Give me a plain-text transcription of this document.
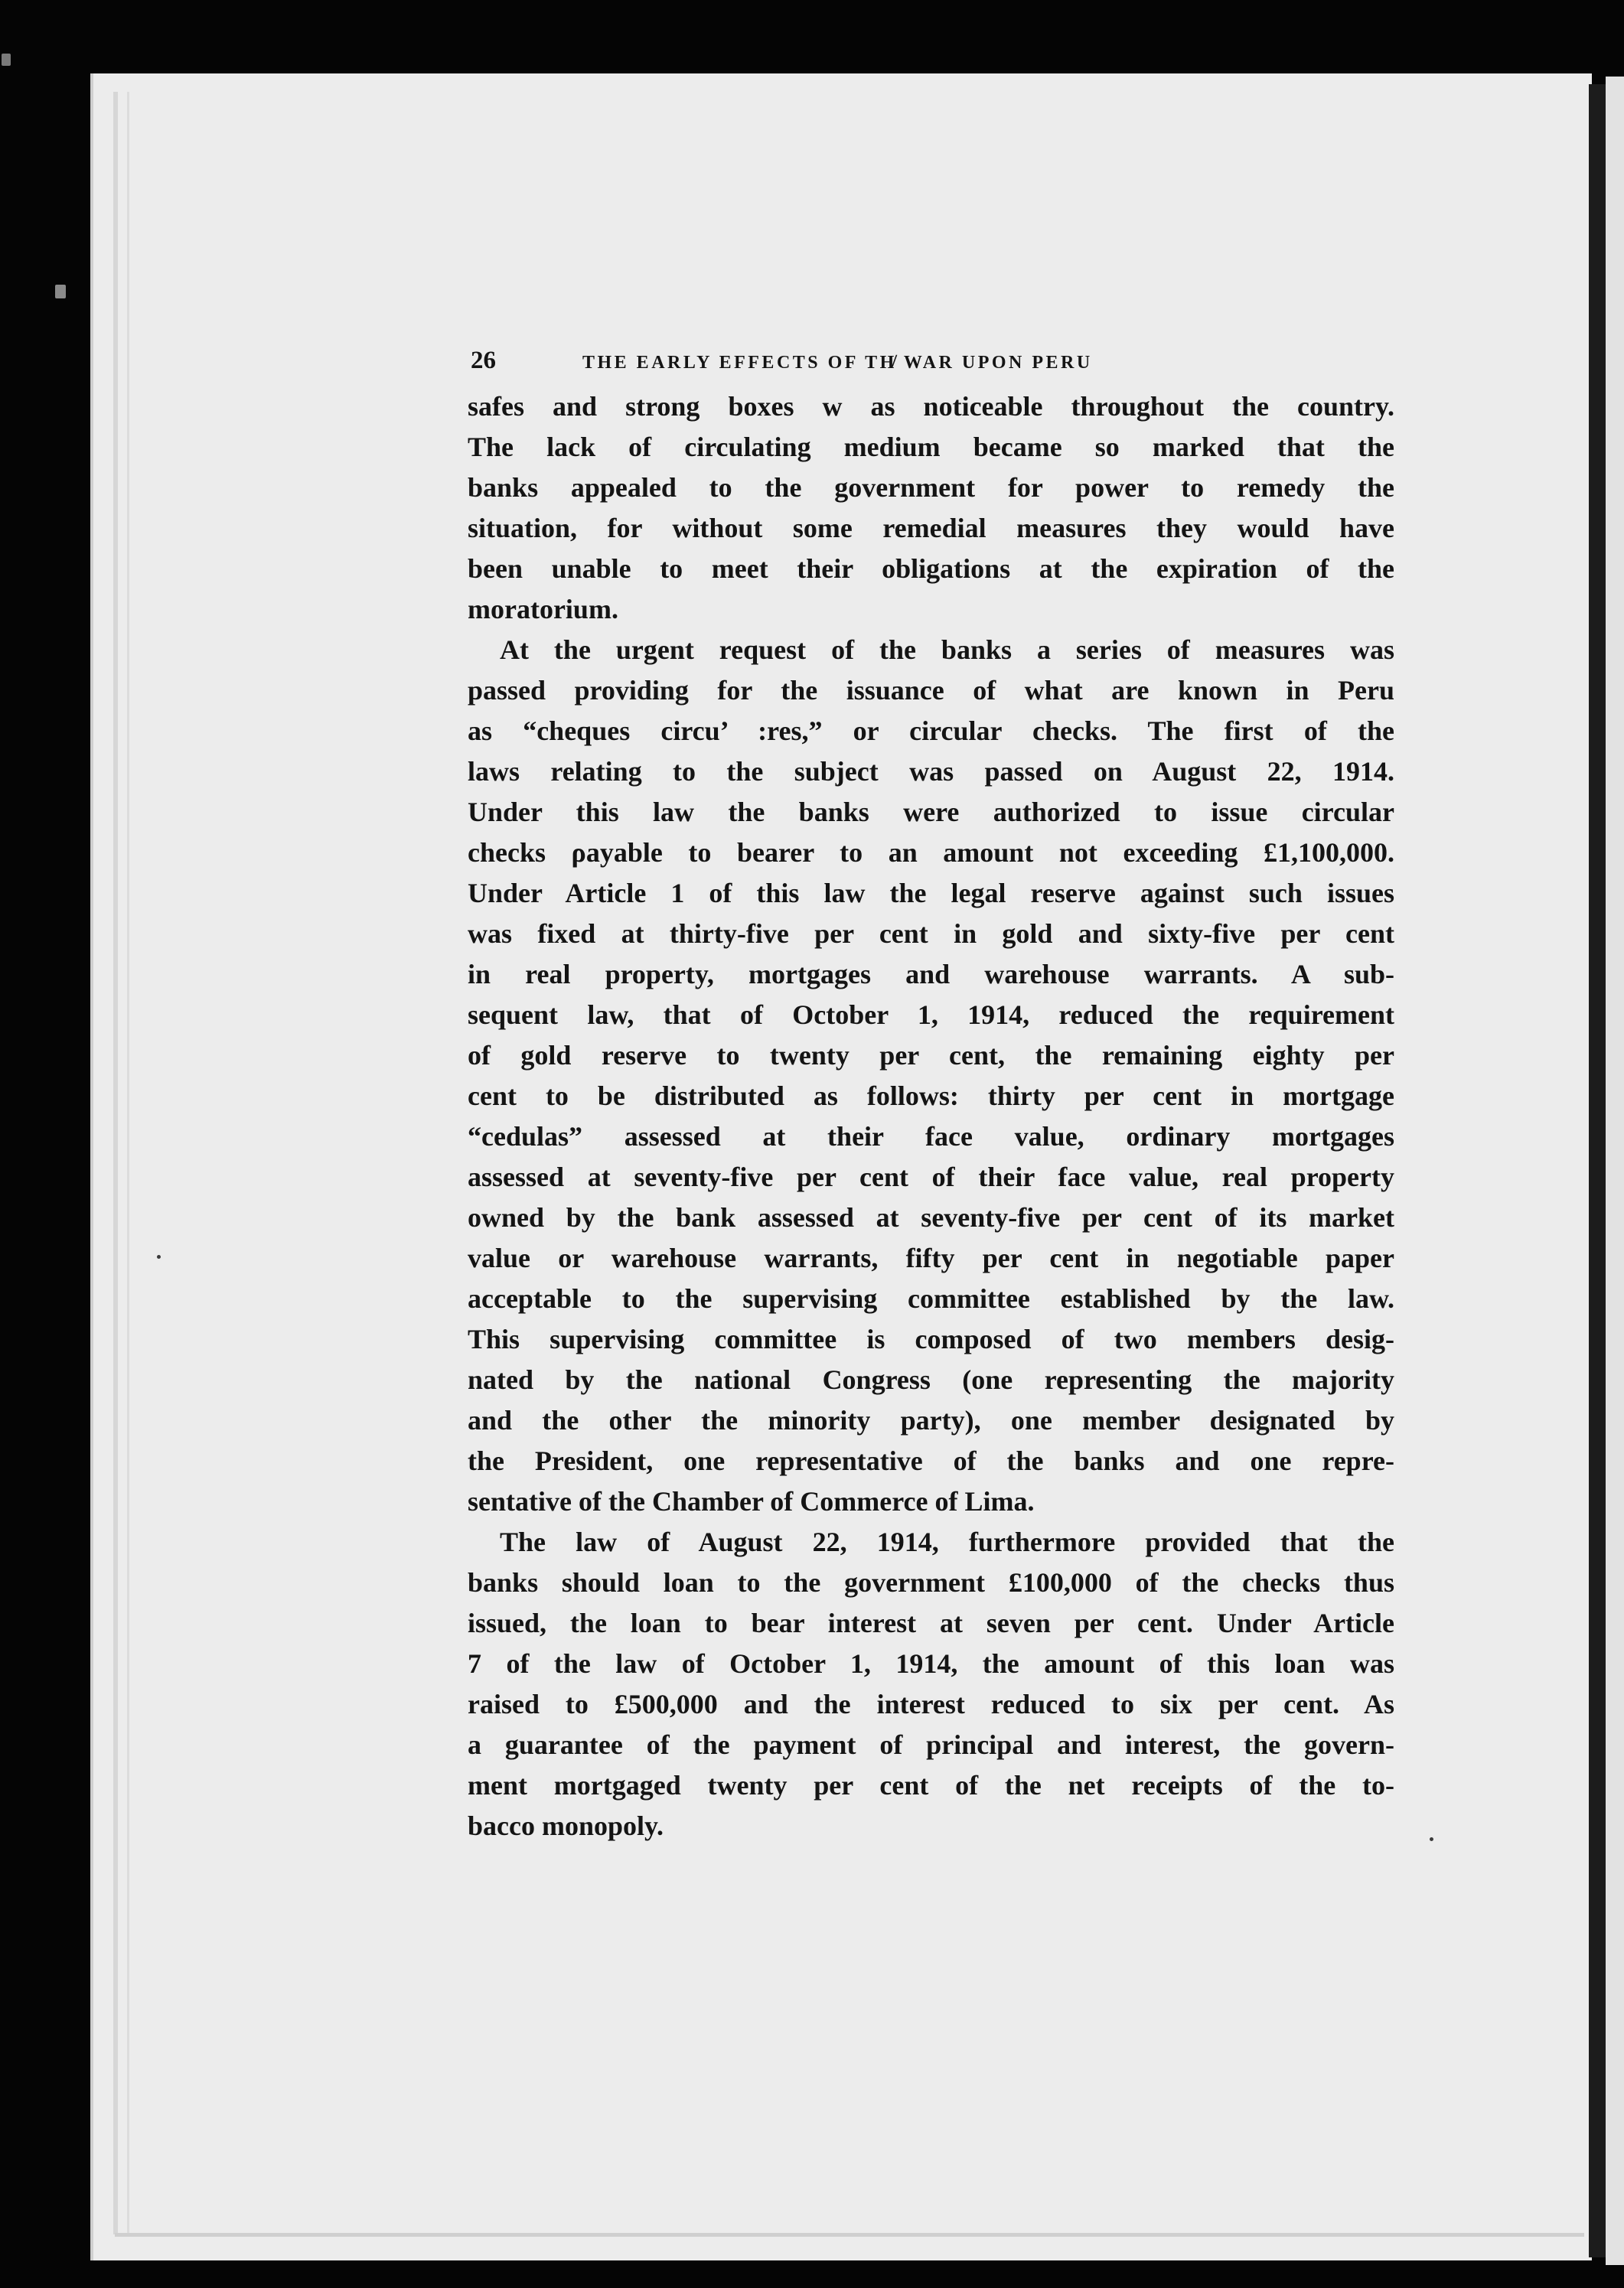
26	THE EARLY EFFECTS OF TH̸ WAR UPON PERU
safes and strong boxes w as noticeable throughout the country.
The lack of circulating medium became so marked that the
banks appealed to the government for power to remedy the
situation, for without some remedial measures they would have
been unable to meet their obligations at the expiration of the
moratorium.
At the urgent request of the banks a series of measures was
passed providing for the issuance of what are known in Peru
as “cheques circu’ :res,” or circular checks. The first of the
laws relating to the subject was passed on August 22, 1914.
Under this law the banks were authorized to issue circular
checks ρayable to bearer to an amount not exceeding £1,100,000.
Under Article 1 of this law the legal reserve against such issues
was fixed at thirty-five per cent in gold and sixty-five per cent
in real property, mortgages and warehouse warrants. A sub-
sequent law, that of October 1, 1914, reduced the requirement
of gold reserve to twenty per cent, the remaining eighty per
cent to be distributed as follows: thirty per cent in mortgage
“cedulas” assessed at their face value, ordinary mortgages
assessed at seventy-five per cent of their face value, real property
owned by the bank assessed at seventy-five per cent of its market
value or warehouse warrants, fifty per cent in negotiable paper
acceptable to the supervising committee established by the law.
This supervising committee is composed of two members desig-
nated by the national Congress (one representing the majority
and the other the minority party), one member designated by
the President, one representative of the banks and one repre-
sentative of the Chamber of Commerce of Lima.
The law of August 22, 1914, furthermore provided that the
banks should loan to the government £100,000 of the checks thus
issued, the loan to bear interest at seven per cent. Under Article
7 of the law of October 1, 1914, the amount of this loan was
raised to £500,000 and the interest reduced to six per cent. As
a guarantee of the payment of principal and interest, the govern-
ment mortgaged twenty per cent of the net receipts of the to-
bacco monopoly.
